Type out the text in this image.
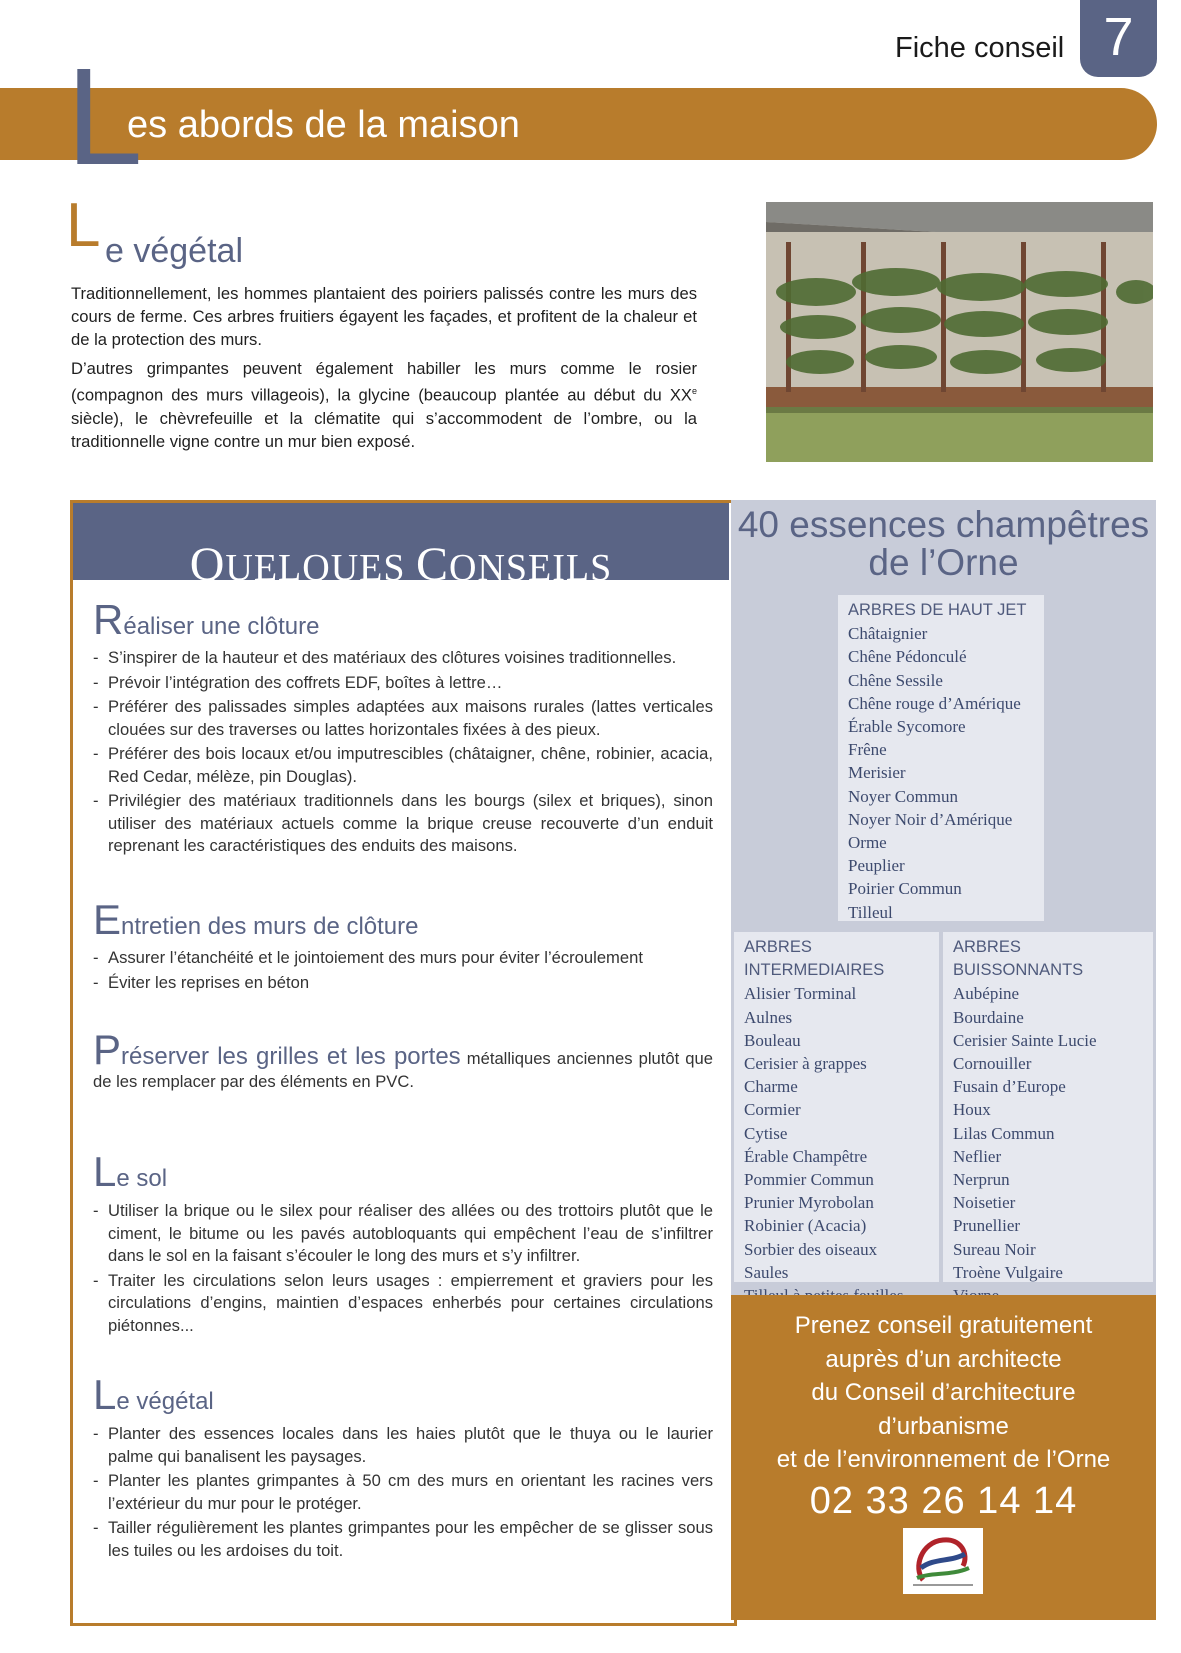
Fiche conseil 7
L
es abords de la maison
L e végétal

Traditionnellement, les hommes plantaient des poiriers palissés contre les murs des cours de ferme. Ces arbres fruitiers égayent les façades, et profitent de la chaleur et de la protection des murs.

D’autres grimpantes peuvent également habiller les murs comme le rosier (compagnon des murs villageois), la glycine (beaucoup plantée au début du XXe siècle), le chèvrefeuille et la clématite qui s’accommodent de l’ombre, ou la traditionnelle vigne contre un mur bien exposé.

QUELQUES CONSEILS
Réaliser une clôture
- S’inspirer de la hauteur et des matériaux des clôtures voisines traditionnelles.
- Prévoir l’intégration des coffrets EDF, boîtes à lettre…
- Préférer des palissades simples adaptées aux maisons rurales (lattes verticales clouées sur des traverses ou lattes horizontales fixées à des pieux.
- Préférer des bois locaux et/ou imputrescibles (châtaigner, chêne, robinier, acacia, Red Cedar, mélèze, pin Douglas).
- Privilégier des matériaux traditionnels dans les bourgs (silex et briques), sinon utiliser des matériaux actuels comme la brique creuse recouverte d’un enduit reprenant les caractéristiques des enduits des maisons.
Entretien des murs de clôture
- Assurer l’étanchéité et le jointoiement des murs pour éviter l’écroulement
- Éviter les reprises en béton
Préserver les grilles et les portes métalliques anciennes plutôt que de les remplacer par des éléments en PVC.
Le sol
- Utiliser la brique ou le silex pour réaliser des allées ou des trottoirs plutôt que le ciment, le bitume ou les pavés autobloquants qui empêchent l’eau de s’infiltrer dans le sol en la faisant s’écouler le long des murs et s’y infiltrer.
- Traiter les circulations selon leurs usages : empierrement et graviers pour les circulations d’engins, maintien d’espaces enherbés pour certaines circulations piétonnes...
Le végétal
- Planter des essences locales dans les haies plutôt que le thuya ou le laurier palme qui banalisent les paysages.
- Planter les plantes grimpantes à 50 cm des murs en orientant les racines vers l’extérieur du mur pour le protéger.
- Tailler régulièrement les plantes grimpantes pour les empêcher de se glisser sous les tuiles ou les ardoises du toit.
40 essences champêtres
de l’Orne
ARBRES DE HAUT JET
Châtaignier
Chêne Pédonculé
Chêne Sessile
Chêne rouge d’Amérique
Érable Sycomore
Frêne
Merisier
Noyer Commun
Noyer Noir d’Amérique
Orme
Peuplier
Poirier Commun
Tilleul
ARBRES INTERMEDIAIRES
Alisier Torminal
Aulnes
Bouleau
Cerisier à grappes
Charme
Cormier
Cytise
Érable Champêtre
Pommier Commun
Prunier Myrobolan
Robinier (Acacia)
Sorbier des oiseaux
Saules
ARBRES BUISSONNANTS
Aubépine
Bourdaine
Cerisier Sainte Lucie
Cornouiller
Fusain d’Europe
Houx
Lilas Commun
Neflier
Nerprun
Noisetier
Prunellier
Sureau Noir
Troène Vulgaire
Prenez conseil gratuitement
auprès d’un architecte
du Conseil d’architecture
d’urbanisme
et de l’environnement de l’Orne
02 33 26 14 14
